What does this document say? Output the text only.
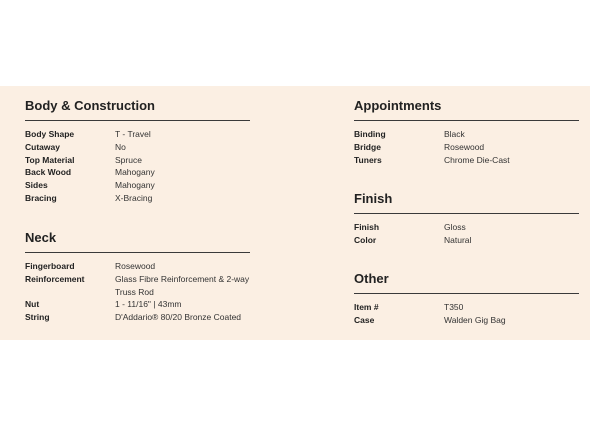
Body & Construction
Body Shape	T - Travel
Cutaway	No
Top Material	Spruce
Back Wood	Mahogany
Sides	Mahogany
Bracing	X-Bracing
Neck
Fingerboard	Rosewood
Reinforcement	Glass Fibre Reinforcement & 2-way Truss Rod
Nut	1 - 11/16" | 43mm
String	D'Addario® 80/20 Bronze Coated
Appointments
Binding	Black
Bridge	Rosewood
Tuners	Chrome Die-Cast
Finish
Finish	Gloss
Color	Natural
Other
Item #	T350
Case	Walden Gig Bag
